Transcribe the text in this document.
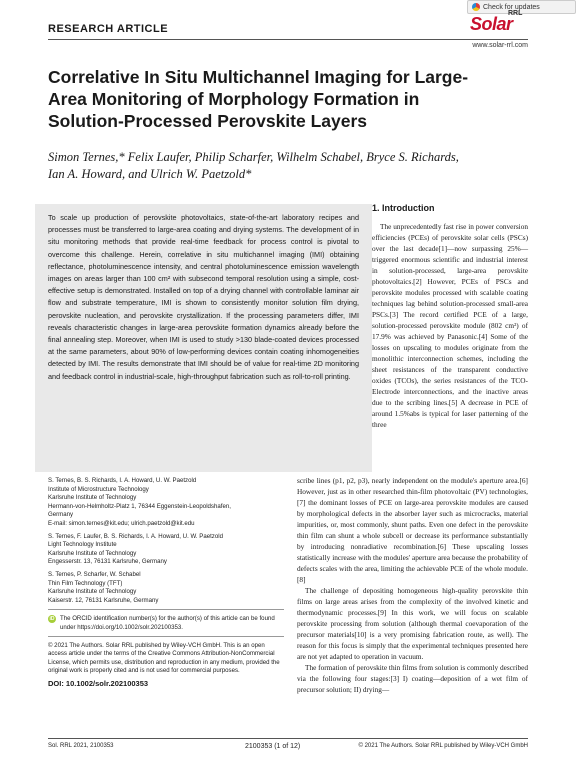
Check for updates
RESEARCH ARTICLE	Solar
RRL
www.solar-rrl.com
Correlative In Situ Multichannel Imaging for Large-Area Monitoring of Morphology Formation in Solution-Processed Perovskite Layers
Simon Ternes,* Felix Laufer, Philip Scharfer, Wilhelm Schabel, Bryce S. Richards, Ian A. Howard, and Ulrich W. Paetzold*

To scale up production of perovskite photovoltaics, state-of-the-art laboratory recipes and processes must be transferred to large-area coating and drying systems. The development of in situ monitoring methods that provide real-time feedback for process control is pivotal to overcome this challenge. Herein, correlative in situ multichannel imaging (IMI) obtaining reflectance, photoluminescence intensity, and central photoluminescence emission wavelength images on areas larger than 100 cm² with subsecond temporal resolution using a simple, cost-effective setup is demonstrated. Installed on top of a drying channel with controllable laminar air flow and substrate temperature, IMI is shown to consistently monitor solution film drying, perovskite nucleation, and perovskite crystallization. If the processing parameters differ, IMI reveals characteristic changes in large-area perovskite formation dynamics already before the final annealing step. Moreover, when IMI is used to study >130 blade-coated devices processed at the same parameters, about 90% of low-performing devices contain coating inhomogeneities detected by IMI. The results demonstrate that IMI should be of value for real-time 2D monitoring and feedback control in industrial-scale, high-throughput fabrication such as roll-to-roll printing.

1. Introduction

The unprecedentedly fast rise in power conversion efficiencies (PCEs) of perovskite solar cells (PSCs) over the last decade[1]—now surpassing 25%—triggered enormous scientific and industrial interest in solution-processed, large-area perovskite photovoltaics.[2] However, PCEs of PSCs and perovskite modules processed with scalable coating techniques lag behind solution-processed small-area PSCs.[3] The record certified PCE of a large, solution-processed perovskite module (802 cm²) of 17.9% was achieved by Panasonic.[4] Some of the losses on upscaling to modules originate from the monolithic interconnection schemes, including the sheet resistances of the transparent conductive oxides (TCOs), the series resistances of the TCO-Electrode interconnections, and the inactive areas due to the scribing lines.[5] A decrease in PCE of around 1.5%abs is typical for laser patterning of the three

scribe lines (p1, p2, p3), nearly independent on the module's aperture area.[6] However, just as in other researched thin-film photovoltaic (PV) technologies,[7] the dominant losses of PCE on large-area perovskite modules are caused by morphological defects in the absorber layer such as microcracks, material impurities, or, most commonly, shunt paths. Even one defect in the perovskite thin film can shunt a whole subcell or decrease its performance substantially by introducing nonradiative recombination.[6] These upscaling losses statistically increase with the modules' aperture area because the probability of defects scales with the area, limiting the achievable PCE of the whole module.[8]

The challenge of depositing homogeneous high-quality perovskite thin films on large areas arises from the complexity of the involved kinetic and thermodynamic processes.[9] In this work, we will focus on scalable perovskite processing from solution (although thermal coevaporation of the precursor materials[10] is a very promising fabrication route, as well). The reason for this focus is simply that the experimental techniques presented here are not yet adapted to operation in vacuum.

The formation of perovskite thin films from solution is commonly described via the following four stages:[3] I) coating—deposition of a wet film of precursor solution; II) drying—

S. Ternes, B. S. Richards, I. A. Howard, U. W. Paetzold
Institute of Microstructure Technology
Karlsruhe Institute of Technology
Hermann-von-Helmholtz-Platz 1, 76344 Eggenstein-Leopoldshafen,
Germany
E-mail: simon.ternes@kit.edu; ulrich.paetzold@kit.edu
S. Ternes, F. Laufer, B. S. Richards, I. A. Howard, U. W. Paetzold
Light Technology Institute
Karlsruhe Institute of Technology
Engesserstr. 13, 76131 Karlsruhe, Germany
S. Ternes, P. Scharfer, W. Schabel
Thin Film Technology (TFT)
Karlsruhe Institute of Technology
Kaiserstr. 12, 76131 Karlsruhe, Germany
iD The ORCID identification number(s) for the author(s) of this article can be found under https://doi.org/10.1002/solr.202100353.
© 2021 The Authors. Solar RRL published by Wiley-VCH GmbH. This is an open access article under the terms of the Creative Commons Attribution-NonCommercial License, which permits use, distribution and reproduction in any medium, provided the original work is properly cited and is not used for commercial purposes.
DOI: 10.1002/solr.202100353
Sol. RRL 2021, 2100353	2100353 (1 of 12)	© 2021 The Authors. Solar RRL published by Wiley-VCH GmbH
